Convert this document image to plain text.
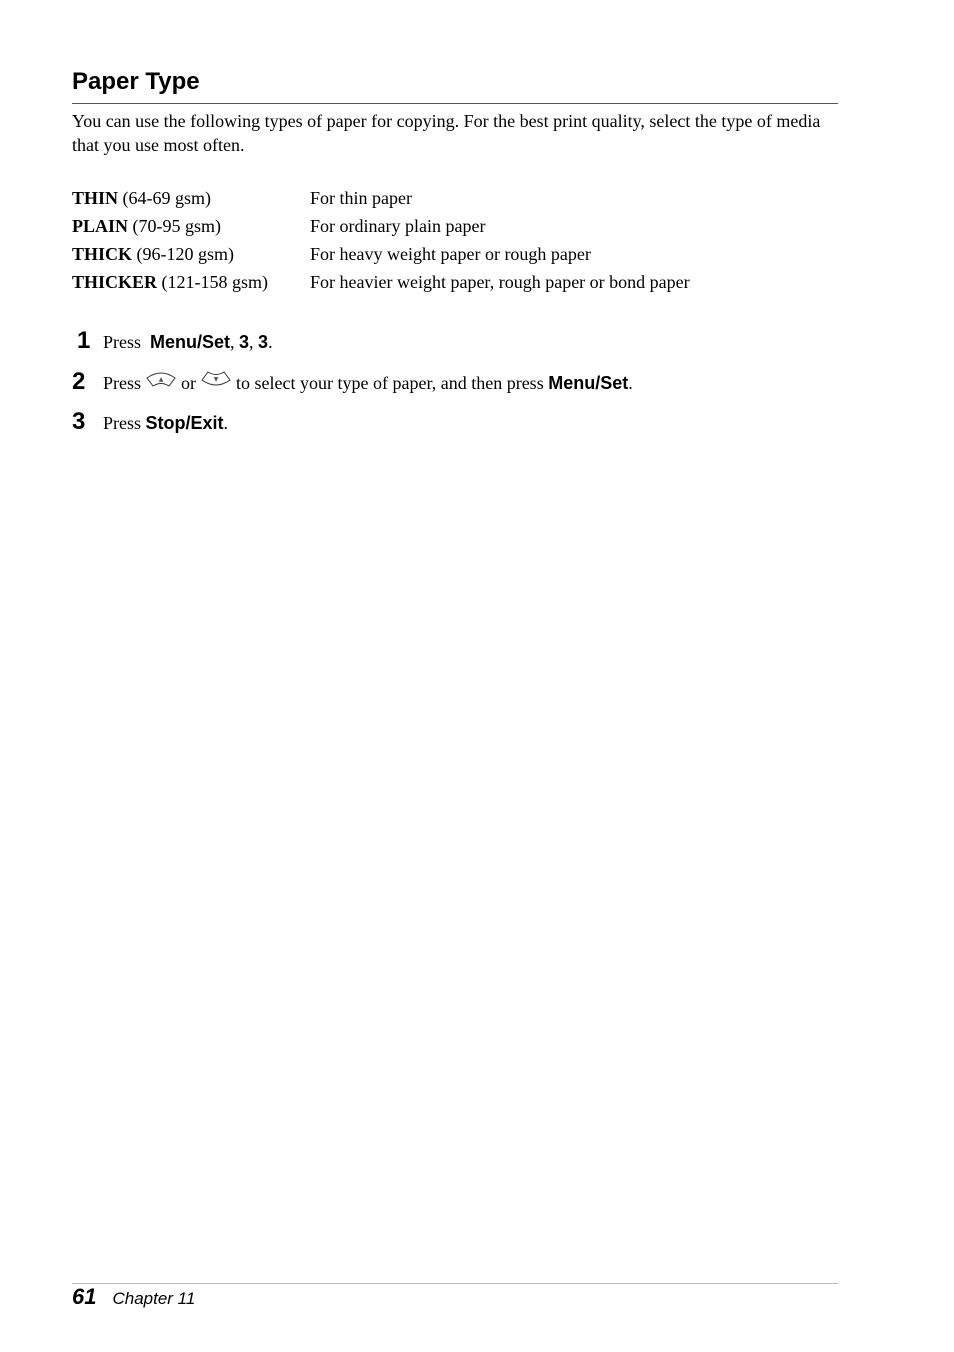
Paper Type

You can use the following types of paper for copying. For the best print quality, select the type of media that you use most often.

THIN (64-69 gsm)	For thin paper
PLAIN (70-95 gsm)	For ordinary plain paper
THICK (96-120 gsm)	For heavy weight paper or rough paper
THICKER (121-158 gsm)	For heavier weight paper, rough paper or bond paper
1 Press
Menu/Set ,
3 ,
3 .
2 Press	▲ or	▼ to select your type of paper, and then press
Menu/Set .
3 Press
Stop/Exit .
61 Chapter 11
